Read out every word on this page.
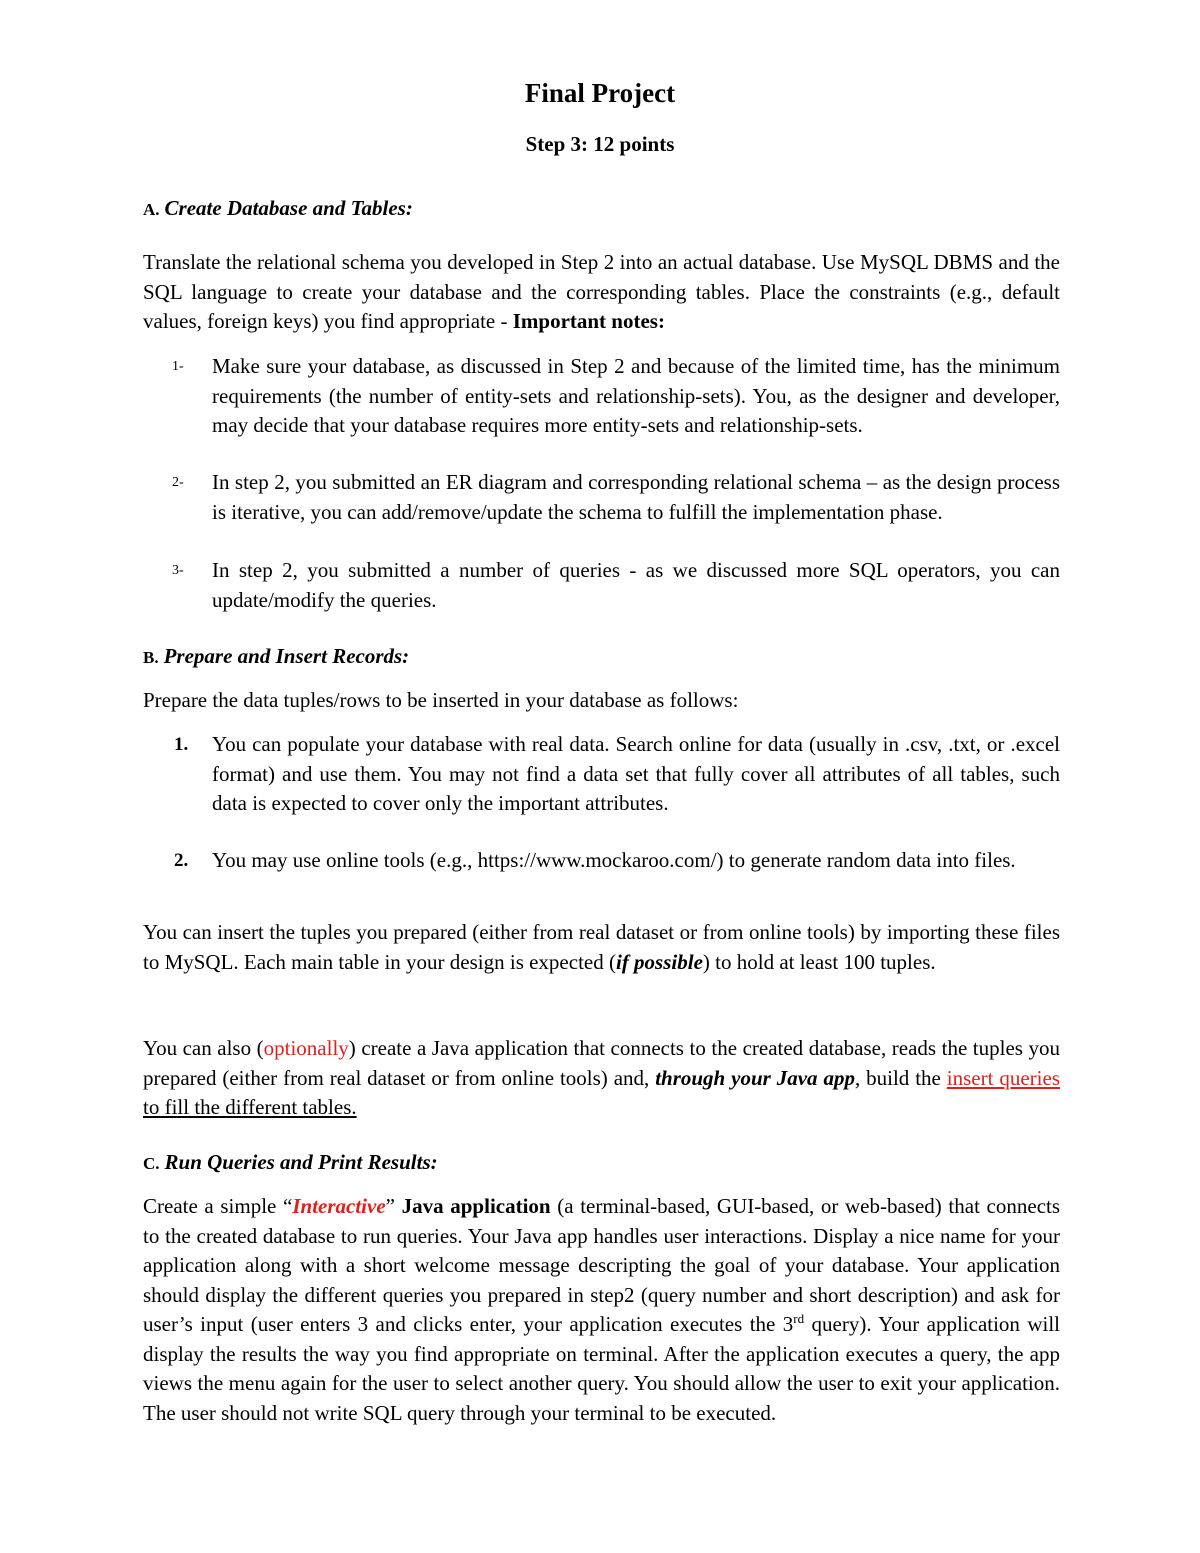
Final Project
Step 3: 12 points
A. Create Database and Tables:
Translate the relational schema you developed in Step 2 into an actual database. Use MySQL DBMS and the SQL language to create your database and the corresponding tables. Place the constraints (e.g., default values, foreign keys) you find appropriate - Important notes:
1- Make sure your database, as discussed in Step 2 and because of the limited time, has the minimum requirements (the number of entity-sets and relationship-sets). You, as the designer and developer, may decide that your database requires more entity-sets and relationship-sets.
2- In step 2, you submitted an ER diagram and corresponding relational schema – as the design process is iterative, you can add/remove/update the schema to fulfill the implementation phase.
3- In step 2, you submitted a number of queries - as we discussed more SQL operators, you can update/modify the queries.
B. Prepare and Insert Records:
Prepare the data tuples/rows to be inserted in your database as follows:
1. You can populate your database with real data. Search online for data (usually in .csv, .txt, or .excel format) and use them. You may not find a data set that fully cover all attributes of all tables, such data is expected to cover only the important attributes.
2. You may use online tools (e.g., https://www.mockaroo.com/) to generate random data into files.
You can insert the tuples you prepared (either from real dataset or from online tools) by importing these files to MySQL. Each main table in your design is expected (if possible) to hold at least 100 tuples.
You can also (optionally) create a Java application that connects to the created database, reads the tuples you prepared (either from real dataset or from online tools) and, through your Java app, build the insert queries to fill the different tables.
C. Run Queries and Print Results:
Create a simple “Interactive” Java application (a terminal-based, GUI-based, or web-based) that connects to the created database to run queries. Your Java app handles user interactions. Display a nice name for your application along with a short welcome message descripting the goal of your database. Your application should display the different queries you prepared in step2 (query number and short description) and ask for user’s input (user enters 3 and clicks enter, your application executes the 3rd query). Your application will display the results the way you find appropriate on terminal. After the application executes a query, the app views the menu again for the user to select another query. You should allow the user to exit your application. The user should not write SQL query through your terminal to be executed.
